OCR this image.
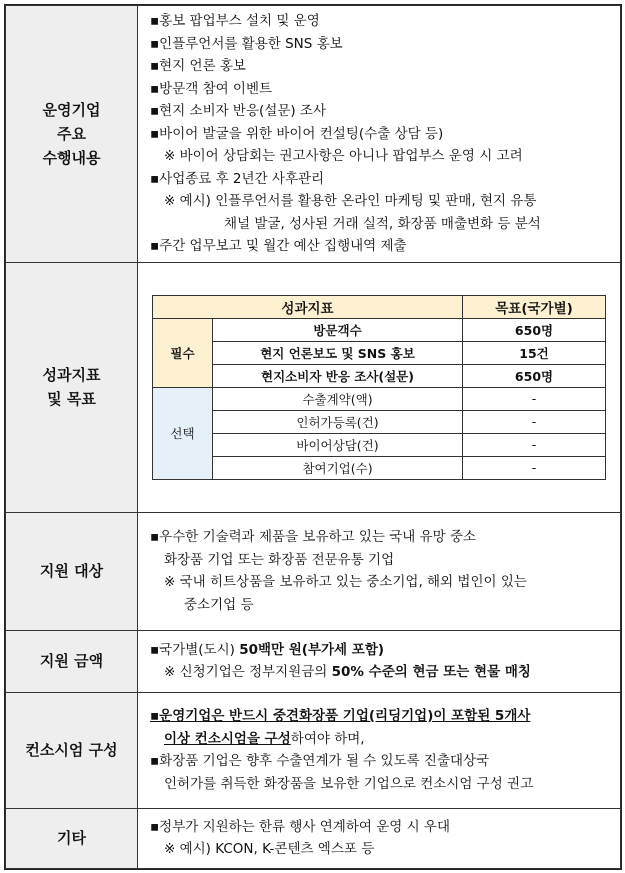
운영기업
주요
수행내용

▪홍보 팝업부스 설치 및 운영
▪인플루언서를 활용한 SNS 홍보
▪현지 언론 홍보
▪방문객 참여 이벤트
▪현지 소비자 반응(설문) 조사
▪바이어 발굴을 위한 바이어 컨설팅(수출 상담 등)
※ 바이어 상담회는 권고사항은 아니나 팝업부스 운영 시 고려
▪사업종료 후 2년간 사후관리
※ 예시) 인플루언서를 활용한 온라인 마케팅 및 판매, 현지 유통
채널 발굴, 성사된 거래 실적, 화장품 매출변화 등 분석
▪주간 업무보고 및 월간 예산 집행내역 제출

성과지표
및 목표

성과지표	목표(국가별)
필수	방문객수	650명
현지 언론보도 및 SNS 홍보	15건
현지소비자 반응 조사(설문)	650명
선택	수출계약(액)	-
인허가등록(건)	-
바이어상담(건)	-
참여기업(수)	-

지원 대상	
▪우수한 기술력과 제품을 보유하고 있는 국내 유망 중소
화장품 기업 또는 화장품 전문유통 기업
※ 국내 히트상품을 보유하고 있는 중소기업, 해외 법인이 있는
중소기업 등

지원 금액	
▪국가별(도시) 50백만 원(부가세 포함)
※ 신청기업은 정부지원금의 50% 수준의 현금 또는 현물 매칭

컨소시엄 구성	
▪운영기업은 반드시 중견화장품 기업(리딩기업)이 포함된 5개사
이상 컨소시엄을 구성하여야 하며,
▪화장품 기업은 향후 수출연계가 될 수 있도록 진출대상국
인허가를 취득한 화장품을 보유한 기업으로 컨소시엄 구성 권고

기타	
▪정부가 지원하는 한류 행사 연계하여 운영 시 우대
※ 예시) KCON, K-콘텐츠 엑스포 등
